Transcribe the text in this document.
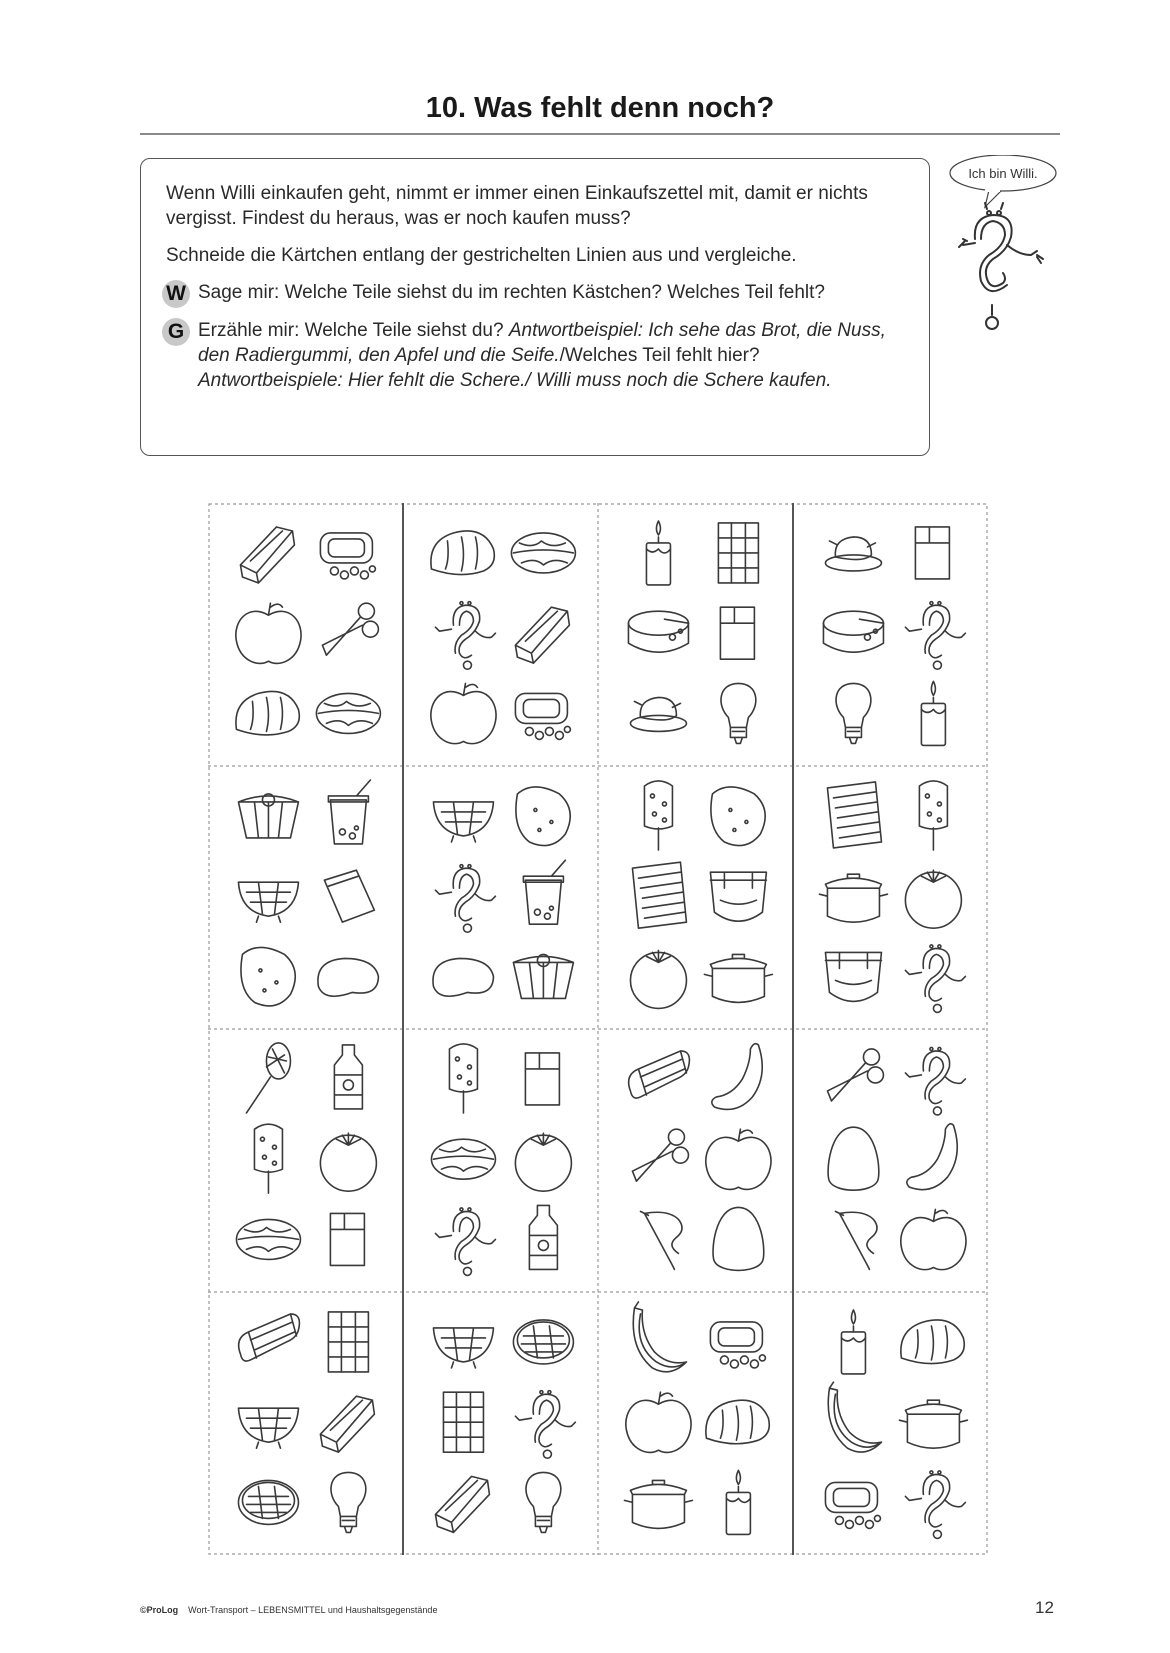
10. Was fehlt denn noch?

Wenn Willi einkaufen geht, nimmt er immer einen Einkaufszettel mit, damit er nichts vergisst. Findest du heraus, was er noch kaufen muss?

Schneide die Kärtchen entlang der gestrichelten Linien aus und vergleiche.

W Sage mir: Welche Teile siehst du im rechten Kästchen? Welches Teil fehlt?
G Erzähle mir: Welche Teile siehst du? Antwortbeispiel: Ich sehe das Brot, die Nuss, den Radiergummi, den Apfel und die Seife./Welches Teil fehlt hier? Antwortbeispiele: Hier fehlt die Schere./ Willi muss noch die Schere kaufen.
Ich bin Willi.
©ProLog Wort-Transport – LEBENSMITTEL und Haushaltsgegenstände	12
